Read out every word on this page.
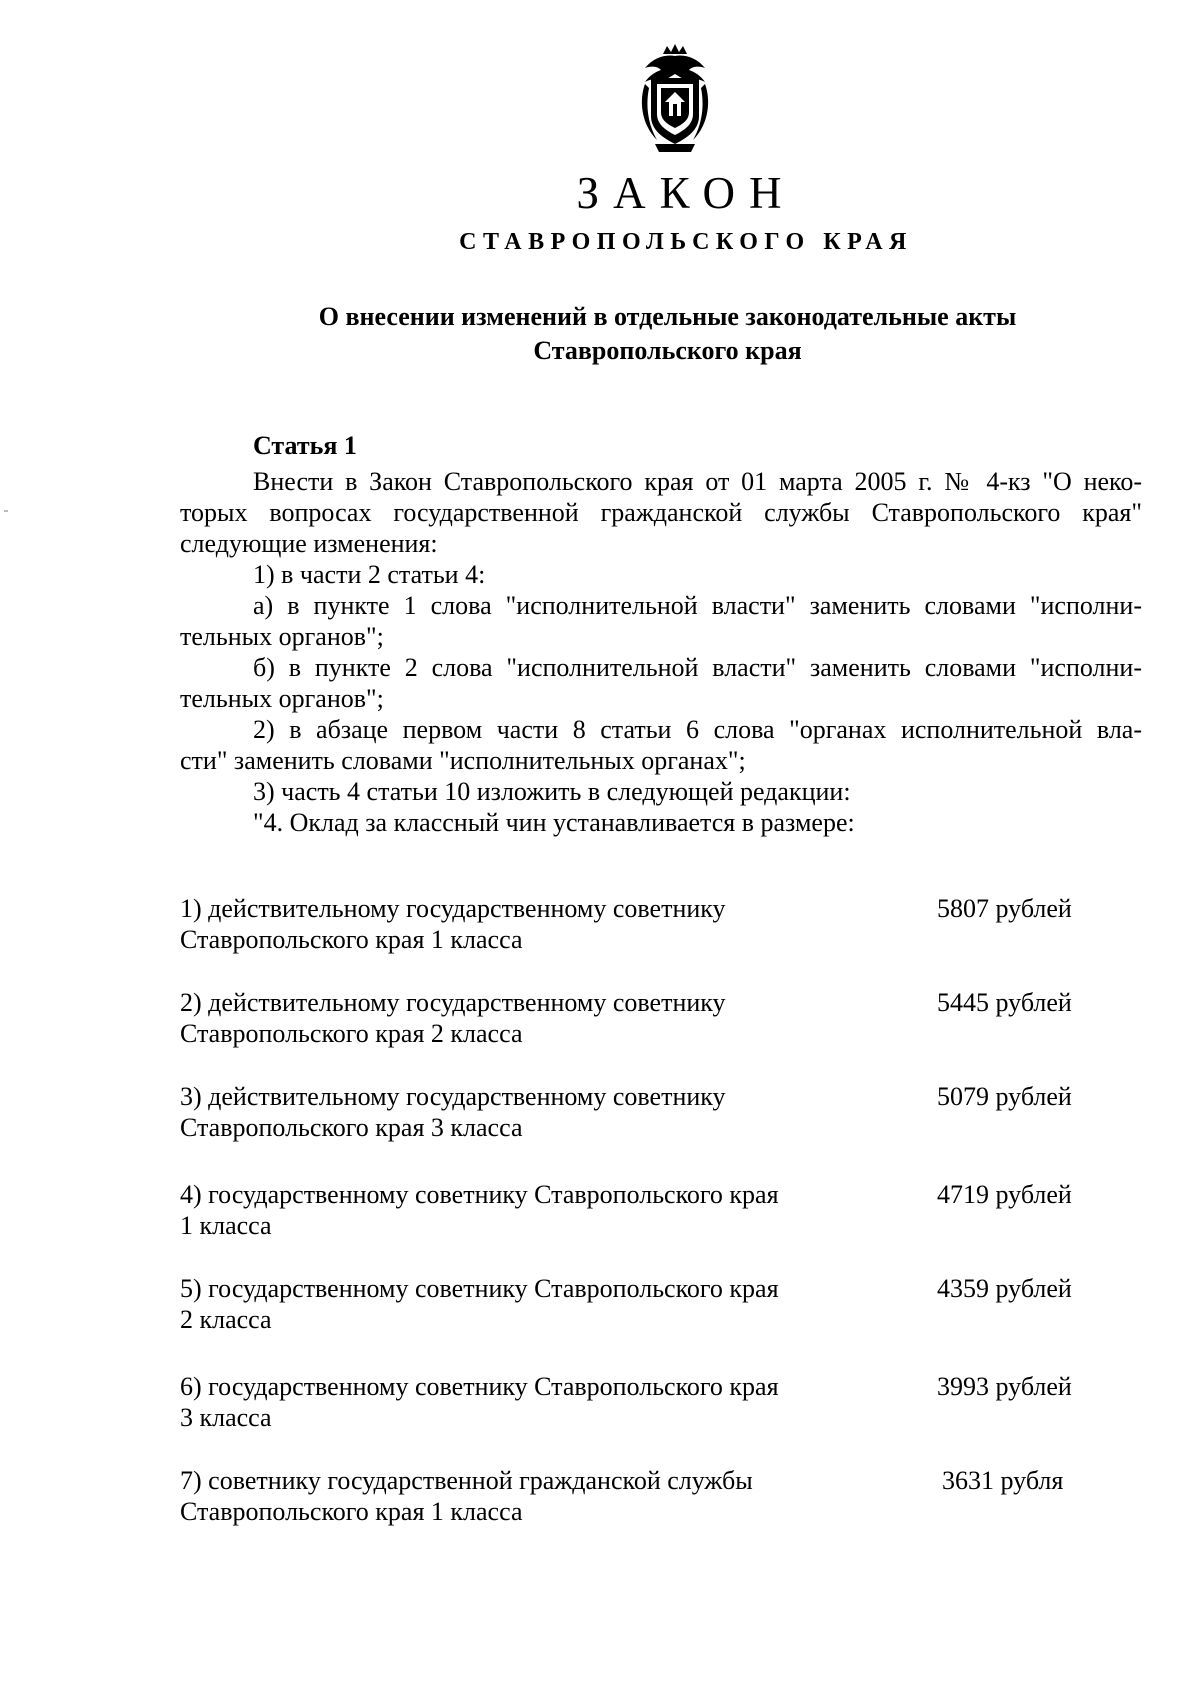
ЗАКОН
СТАВРОПОЛЬСКОГО КРАЯ
О внесении изменений в отдельные законодательные акты
Ставропольского края
Статья 1
Внести в Закон Ставропольского края от 01 марта 2005 г. № 4-кз "О неко-
торых вопросах государственной гражданской службы Ставропольского края"
следующие изменения:
1) в части 2 статьи 4:
а) в пункте 1 слова "исполнительной власти" заменить словами "исполни-
тельных органов";
б) в пункте 2 слова "исполнительной власти" заменить словами "исполни-
тельных органов";
2) в абзаце первом части 8 статьи 6 слова "органах исполнительной вла-
сти" заменить словами "исполнительных органах";
3) часть 4 статьи 10 изложить в следующей редакции:
"4. Оклад за классный чин устанавливается в размере:
1) действительному государственному советнику
Ставропольского края 1 класса
5807 рублей
2) действительному государственному советнику
Ставропольского края 2 класса
5445 рублей
3) действительному государственному советнику
Ставропольского края 3 класса
5079 рублей
4) государственному советнику Ставропольского края
1 класса
4719 рублей
5) государственному советнику Ставропольского края
2 класса
4359 рублей
6) государственному советнику Ставропольского края
3 класса
3993 рублей
7) советнику государственной гражданской службы
Ставропольского края 1 класса
3631 рубля
